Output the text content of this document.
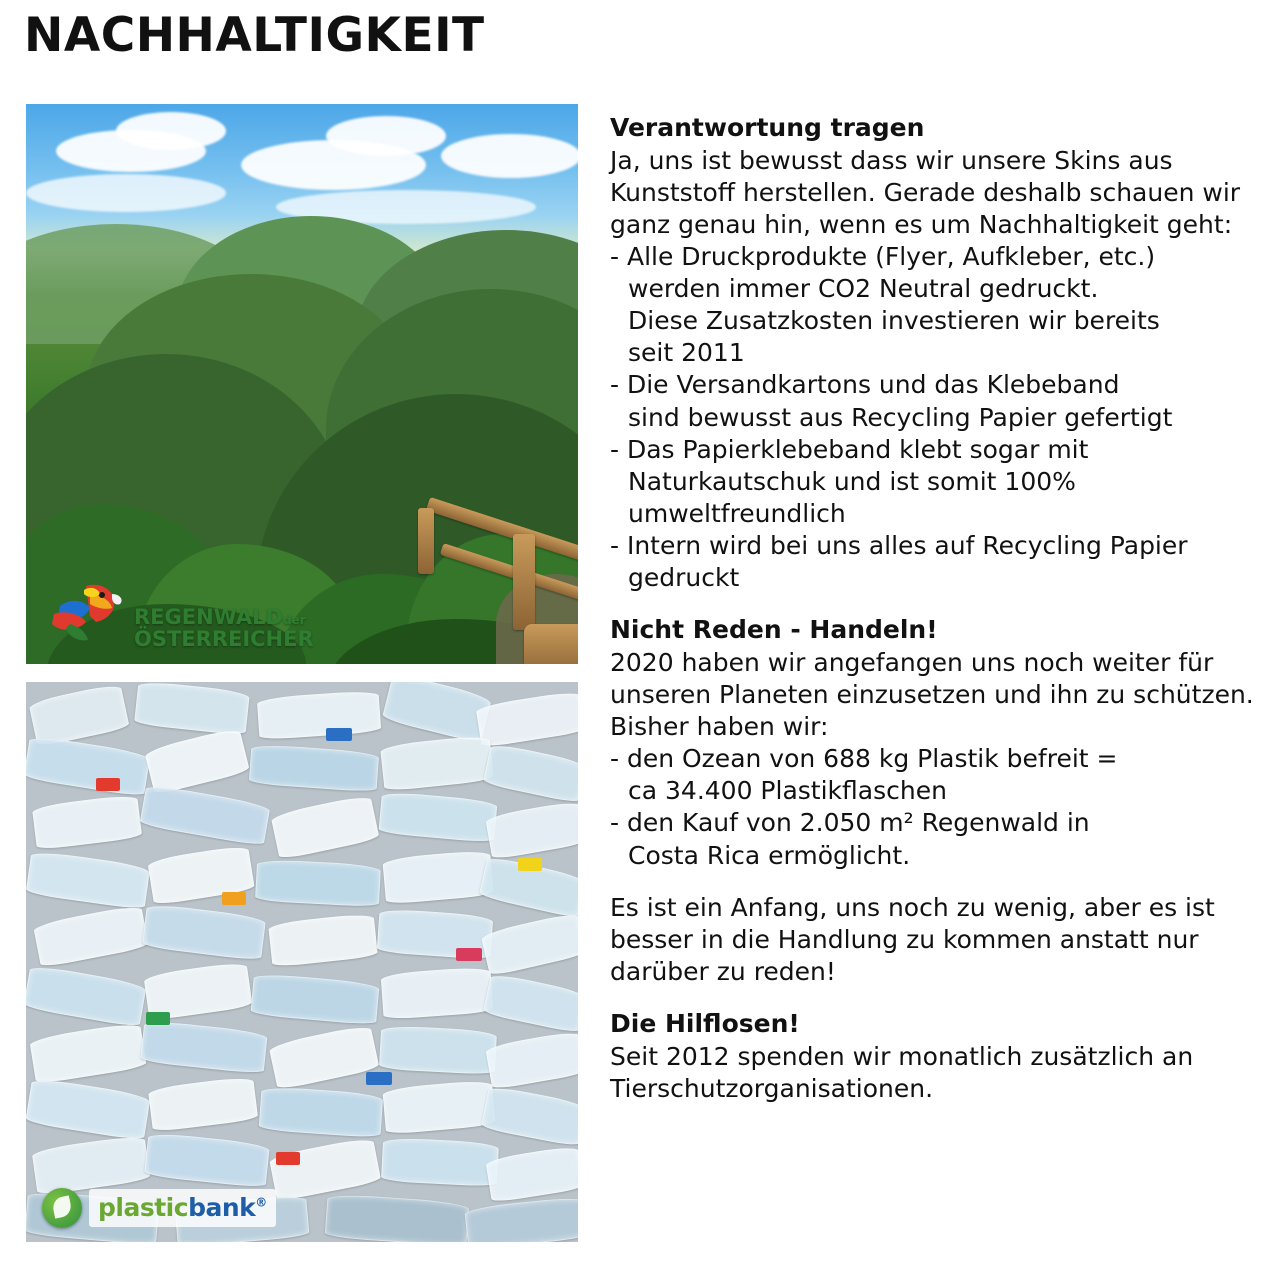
NACHHALTIGKEIT
REGENWALDder
ÖSTERREICHER
plasticbank®
Verantwortung tragen

Ja, uns ist bewusst dass wir unsere Skins aus Kunststoff herstellen. Gerade deshalb schauen wir ganz genau hin, wenn es um Nachhaltigkeit geht:

- Alle Druckprodukte (Flyer, Aufkleber, etc.)
werden immer CO2 Neutral gedruckt.
Diese Zusatzkosten investieren wir bereits
seit 2011
- Die Versandkartons und das Klebeband
sind bewusst aus Recycling Papier gefertigt
- Das Papierklebeband klebt sogar mit
Naturkautschuk und ist somit 100%
umweltfreundlich
- Intern wird bei uns alles auf Recycling Papier
gedruckt
Nicht Reden - Handeln!

2020 haben wir angefangen uns noch weiter für unseren Planeten einzusetzen und ihn zu schützen.

Bisher haben wir:

- den Ozean von 688 kg Plastik befreit =
ca 34.400 Plastikflaschen
- den Kauf von 2.050 m² Regenwald in
Costa Rica ermöglicht.

Es ist ein Anfang, uns noch zu wenig, aber es ist besser in die Handlung zu kommen anstatt nur darüber zu reden!

Die Hilflosen!

Seit 2012 spenden wir monatlich zusätzlich an Tierschutzorganisationen.
